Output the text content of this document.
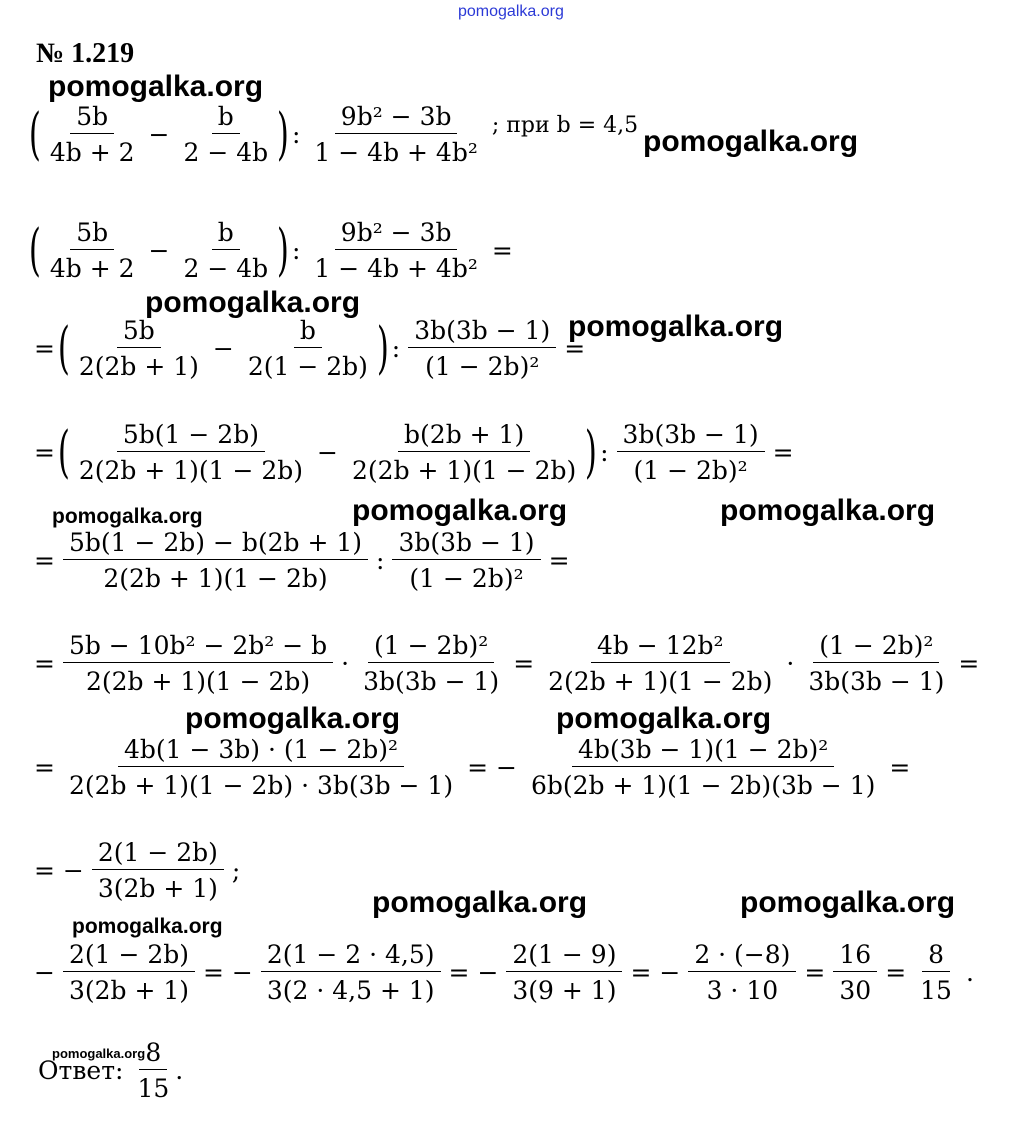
pomogalka.org
№ 1.219
pomogalka.org
pomogalka.org
pomogalka.org
pomogalka.org
pomogalka.org	pomogalka.org	pomogalka.org
pomogalka.org	pomogalka.org
pomogalka.org	pomogalka.org
pomogalka.org
pomogalka.org
( $\frac{5b}{4b + 2} - \frac{b}{2 - 4b}$ ) : $\frac{\text{9b² − 3b}}{\text{1 − 4b + 4b²}}$ ; при b = 4,5
( $\frac{5b}{4b + 2} - \frac{b}{2 - 4b}$ ) : $\frac{\text{9b² − 3b}}{\text{1 − 4b + 4b²}}$ =
= ( $\frac{5b}{2(2b + 1)} - \frac{b}{2(1 - 2b)}$ ) : $\frac{3b(3b - 1)}{\text{(1 − 2b)²}}$ =
= ( $\frac{5b(1 - 2b)}{2(2b + 1)(1 - 2b)} - \frac{b(2b + 1)}{2(2b + 1)(1 - 2b)}$ ) : $\frac{3b(3b - 1)}{\text{(1 − 2b)²}}$ =
= $\frac{5b(1 - 2b) - b(2b + 1)}{2(2b + 1)(1 - 2b)}$ : $\frac{3b(3b - 1)}{\text{(1 − 2b)²}}$ =
= $\frac{\text{5b − 10b² − 2b² − b}}{2(2b + 1)(1 - 2b)} \cdot \frac{\text{(1 − 2b)²}}{3b(3b - 1)} = \frac{\text{4b − 12b²}}{2(2b + 1)(1 - 2b)} \cdot \frac{\text{(1 − 2b)²}}{3b(3b - 1)}$ =
= $\frac{\text{4b(1 − 3b) · (1 − 2b)²}}{2(2b + 1)(1 - 2b) \cdot 3b(3b - 1)}$ = − $\frac{\text{4b(3b − 1)(1 − 2b)²}}{6b(2b + 1)(1 - 2b)(3b - 1)}$ =
= − $\frac{2(1 - 2b)}{3(2b + 1)}$ ;
− $\frac{2(1 - 2b)}{3(2b + 1)}$ = − $\frac{2(1 - 2 \cdot 4,5)}{3(2 \cdot 4,5 + 1)}$ = − $\frac{2(1 - 9)}{3(9 + 1)}$ = − $\frac{2 \cdot (-8)}{3 \cdot 10} = \frac{16}{30} = \frac{8}{15}$ .
Ответ: $\frac{8}{15}$ .
